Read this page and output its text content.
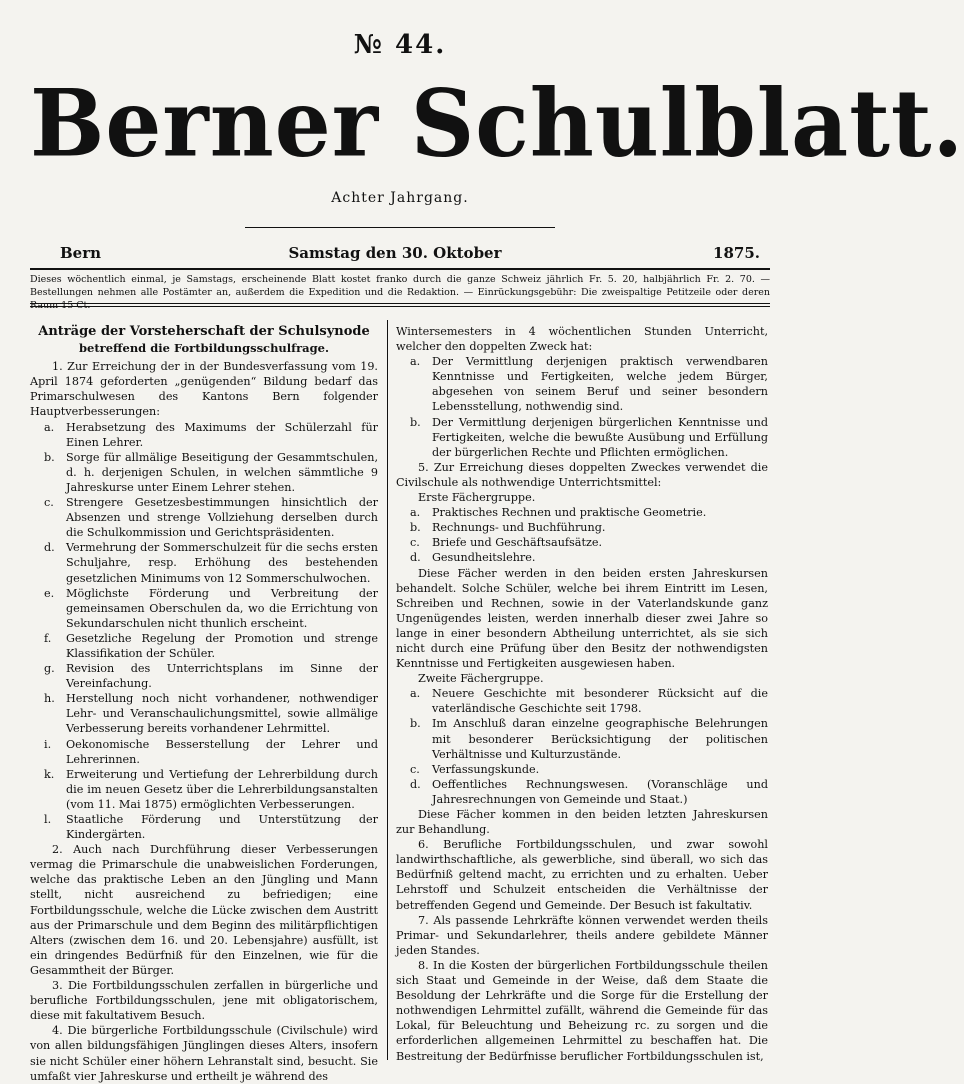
№ 44.
Berner Schulblatt.
Achter Jahrgang.
Bern	Samstag den 30. Oktober	1875.
Dieses wöchentlich einmal, je Samstags, erscheinende Blatt kostet franko durch die ganze Schweiz jährlich Fr. 5. 20, halbjährlich Fr. 2. 70. — Bestellungen nehmen alle Postämter an, außerdem die Expedition und die Redaktion. — Einrückungsgebühr: Die zweispaltige Petitzeile oder deren Raum 15 Ct.

Anträge der Vorsteherschaft der Schulsynode

betreffend die Fortbildungsschulfrage.

1. Zur Erreichung der in der Bundesverfassung vom 19. April 1874 geforderten „genügenden“ Bildung bedarf das Primarschulwesen des Kantons Bern folgender Hauptverbesserungen:

a.	Herabsetzung des Maximums der Schülerzahl für Einen Lehrer.
b.	Sorge für allmälige Beseitigung der Gesammtschulen, d. h. derjenigen Schulen, in welchen sämmtliche 9 Jahreskurse unter Einem Lehrer stehen.
c.	Strengere Gesetzesbestimmungen hinsichtlich der Absenzen und strenge Vollziehung derselben durch die Schulkommission und Gerichtspräsidenten.
d.	Vermehrung der Sommerschulzeit für die sechs ersten Schuljahre, resp. Erhöhung des bestehenden gesetzlichen Minimums von 12 Sommerschulwochen.
e.	Möglichste Förderung und Verbreitung der gemeinsamen Oberschulen da, wo die Errichtung von Sekundarschulen nicht thunlich erscheint.
f.	Gesetzliche Regelung der Promotion und strenge Klassifikation der Schüler.
g.	Revision des Unterrichtsplans im Sinne der Vereinfachung.
h.	Herstellung noch nicht vorhandener, nothwendiger Lehr- und Veranschaulichungsmittel, sowie allmälige Verbesserung bereits vorhandener Lehrmittel.
i.	Oekonomische Besserstellung der Lehrer und Lehrerinnen.
k.	Erweiterung und Vertiefung der Lehrerbildung durch die im neuen Gesetz über die Lehrerbildungsanstalten (vom 11. Mai 1875) ermöglichten Verbesserungen.
l.	Staatliche Förderung und Unterstützung der Kindergärten.

2. Auch nach Durchführung dieser Verbesserungen vermag die Primarschule die unabweislichen Forderungen, welche das praktische Leben an den Jüngling und Mann stellt, nicht ausreichend zu befriedigen; eine Fortbildungsschule, welche die Lücke zwischen dem Austritt aus der Primarschule und dem Beginn des militärpflichtigen Alters (zwischen dem 16. und 20. Lebensjahre) ausfüllt, ist ein dringendes Bedürfniß für den Einzelnen, wie für die Gesammtheit der Bürger.

3. Die Fortbildungsschulen zerfallen in bürgerliche und berufliche Fortbildungsschulen, jene mit obligatorischem, diese mit fakultativem Besuch.

4. Die bürgerliche Fortbildungsschule (Civilschule) wird von allen bildungsfähigen Jünglingen dieses Alters, insofern sie nicht Schüler einer höhern Lehranstalt sind, besucht. Sie umfaßt vier Jahreskurse und ertheilt je während des

Wintersemesters in 4 wöchentlichen Stunden Unterricht, welcher den doppelten Zweck hat:

a.	Der Vermittlung derjenigen praktisch verwendbaren Kenntnisse und Fertigkeiten, welche jedem Bürger, abgesehen von seinem Beruf und seiner besondern Lebensstellung, nothwendig sind.
b.	Der Vermittlung derjenigen bürgerlichen Kenntnisse und Fertigkeiten, welche die bewußte Ausübung und Erfüllung der bürgerlichen Rechte und Pflichten ermöglichen.

5. Zur Erreichung dieses doppelten Zweckes verwendet die Civilschule als nothwendige Unterrichtsmittel:

Erste Fächergruppe.

a.	Praktisches Rechnen und praktische Geometrie.
b.	Rechnungs- und Buchführung.
c.	Briefe und Geschäftsaufsätze.
d.	Gesundheitslehre.

Diese Fächer werden in den beiden ersten Jahreskursen behandelt. Solche Schüler, welche bei ihrem Eintritt im Lesen, Schreiben und Rechnen, sowie in der Vaterlandskunde ganz Ungenügendes leisten, werden innerhalb dieser zwei Jahre so lange in einer besondern Abtheilung unterrichtet, als sie sich nicht durch eine Prüfung über den Besitz der nothwendigsten Kenntnisse und Fertigkeiten ausgewiesen haben.

Zweite Fächergruppe.

a.	Neuere Geschichte mit besonderer Rücksicht auf die vaterländische Geschichte seit 1798.
b.	Im Anschluß daran einzelne geographische Belehrungen mit besonderer Berücksichtigung der politischen Verhältnisse und Kulturzustände.
c.	Verfassungskunde.
d.	Oeffentliches Rechnungswesen. (Voranschläge und Jahresrechnungen von Gemeinde und Staat.)

Diese Fächer kommen in den beiden letzten Jahreskursen zur Behandlung.

6. Berufliche Fortbildungsschulen, und zwar sowohl landwirthschaftliche, als gewerbliche, sind überall, wo sich das Bedürfniß geltend macht, zu errichten und zu erhalten. Ueber Lehrstoff und Schulzeit entscheiden die Verhältnisse der betreffenden Gegend und Gemeinde. Der Besuch ist fakultativ.

7. Als passende Lehrkräfte können verwendet werden theils Primar- und Sekundarlehrer, theils andere gebildete Männer jeden Standes.

8. In die Kosten der bürgerlichen Fortbildungsschule theilen sich Staat und Gemeinde in der Weise, daß dem Staate die Besoldung der Lehrkräfte und die Sorge für die Erstellung der nothwendigen Lehrmittel zufällt, während die Gemeinde für das Lokal, für Beleuchtung und Beheizung rc. zu sorgen und die erforderlichen allgemeinen Lehrmittel zu beschaffen hat. Die Bestreitung der Bedürfnisse beruflicher Fortbildungsschulen ist,
